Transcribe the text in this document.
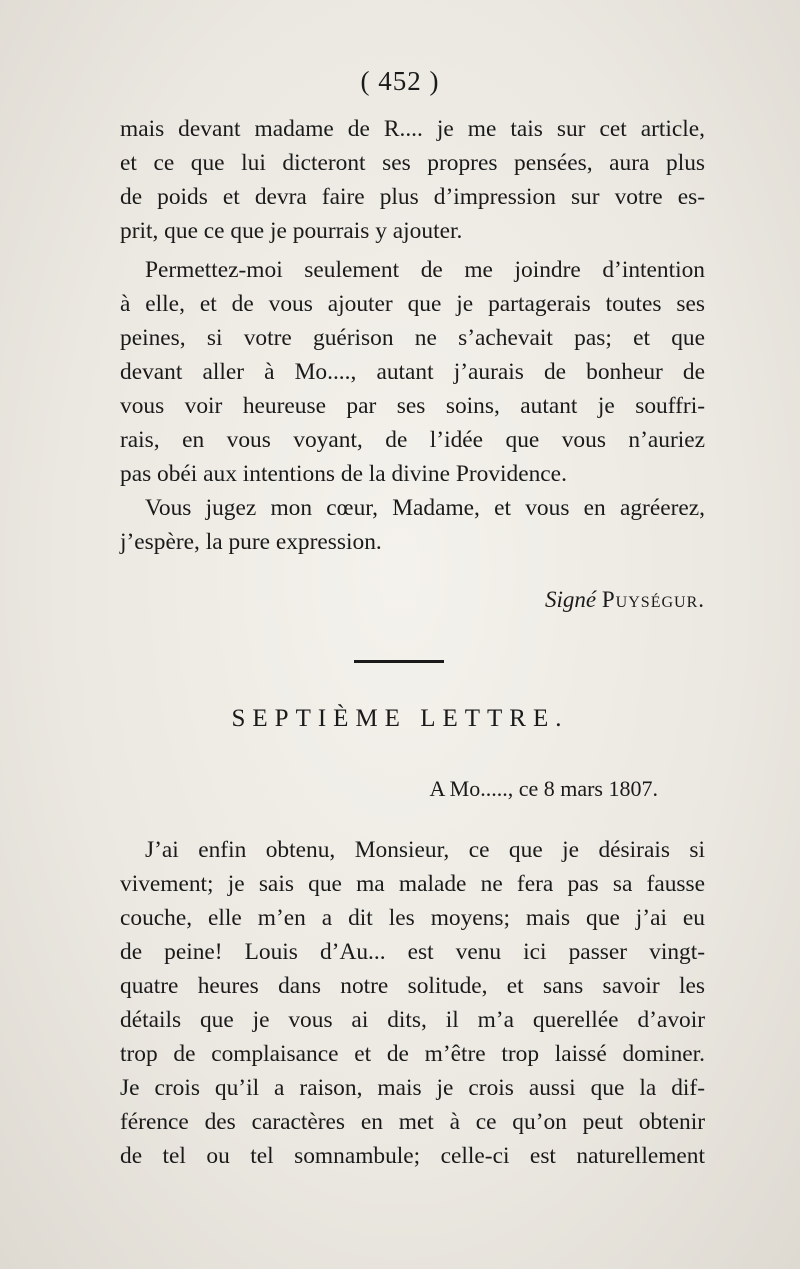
( 452 )
mais devant madame de R.... je me tais sur cet article,
et ce que lui dicteront ses propres pensées, aura plus
de poids et devra faire plus d’impression sur votre es-
prit, que ce que je pourrais y ajouter.
Permettez-moi seulement de me joindre d’intention
à elle, et de vous ajouter que je partagerais toutes ses
peines, si votre guérison ne s’achevait pas; et que
devant aller à Mo...., autant j’aurais de bonheur de
vous voir heureuse par ses soins, autant je souffri-
rais, en vous voyant, de l’idée que vous n’auriez
pas obéi aux intentions de la divine Providence.
Vous jugez mon cœur, Madame, et vous en agréerez,
j’espère, la pure expression.
Signé Puységur.
SEPTIÈME LETTRE.
A Mo....., ce 8 mars 1807.
J’ai enfin obtenu, Monsieur, ce que je désirais si
vivement; je sais que ma malade ne fera pas sa fausse
couche, elle m’en a dit les moyens; mais que j’ai eu
de peine! Louis d’Au... est venu ici passer vingt-
quatre heures dans notre solitude, et sans savoir les
détails que je vous ai dits, il m’a querellée d’avoir
trop de complaisance et de m’être trop laissé dominer.
Je crois qu’il a raison, mais je crois aussi que la dif-
férence des caractères en met à ce qu’on peut obtenir
de tel ou tel somnambule; celle-ci est naturellement
